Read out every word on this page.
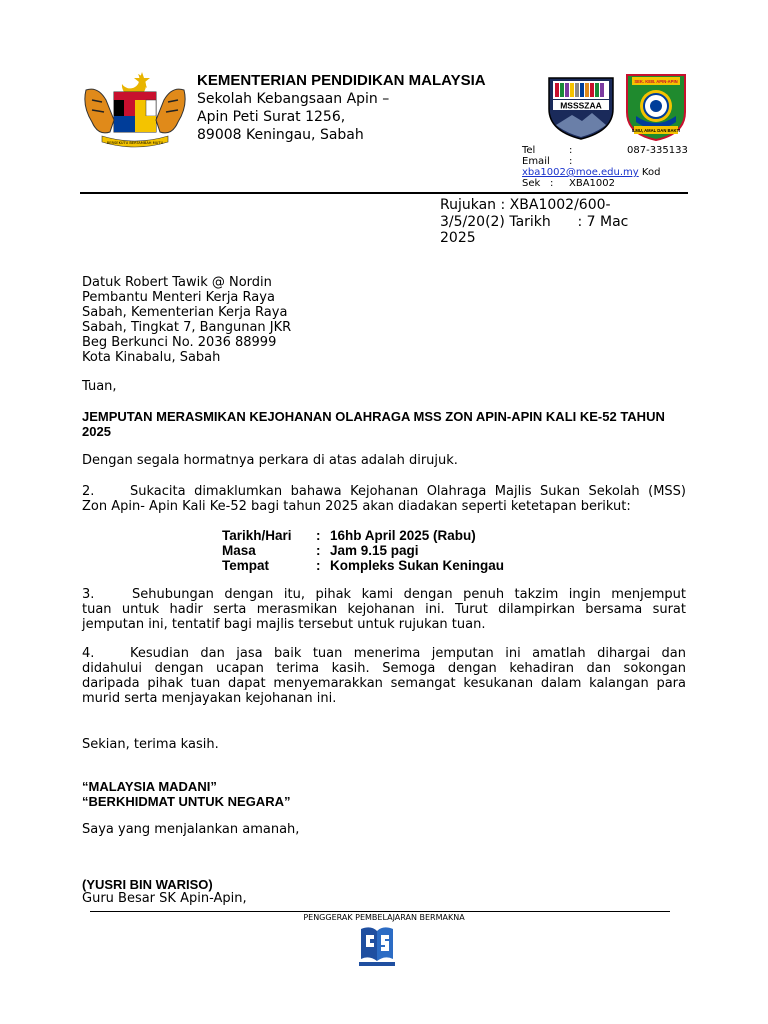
BERSEKUTU BERTAMBAH MUTU
KEMENTERIAN PENDIDIKAN MALAYSIA
Sekolah Kebangsaan Apin –
Apin Peti Surat 1256,
89008 Keningau, Sabah
MSSSZAA
SEK. KEB. APIN-APIN
ILMU, AMAL DAN BAKTI
Tel	:	087-335133
Email :
xba1002@moe.edu.my Kod
Sek : XBA1002
Rujukan : XBA1002/600-
3/5/20(2) Tarikh      : 7 Mac
2025
Datuk Robert Tawik @ Nordin
Pembantu Menteri Kerja Raya
Sabah, Kementerian Kerja Raya
Sabah, Tingkat 7, Bangunan JKR
Beg Berkunci No. 2036 88999
Kota Kinabalu, Sabah
Tuan,
JEMPUTAN MERASMIKAN KEJOHANAN OLAHRAGA MSS ZON APIN-APIN KALI KE-52 TAHUN
2025
Dengan segala hormatnya perkara di atas adalah dirujuk.
2.	Sukacita dimaklumkan bahawa Kejohanan Olahraga Majlis Sukan Sekolah (MSS)
Zon Apin- Apin Kali Ke-52 bagi tahun 2025 akan diadakan seperti ketetapan berikut:
Tarikh/Hari	: 16hb April 2025 (Rabu)
Masa	: Jam 9.15 pagi
Tempat	: Kompleks Sukan Keningau
3.	Sehubungan dengan itu, pihak kami dengan penuh takzim ingin menjemput
tuan untuk hadir serta merasmikan kejohanan ini. Turut dilampirkan bersama surat
jemputan ini, tentatif bagi majlis tersebut untuk rujukan tuan.
4.	Kesudian dan jasa baik tuan menerima jemputan ini amatlah dihargai dan
didahului dengan ucapan terima kasih. Semoga dengan kehadiran dan sokongan
daripada pihak tuan dapat menyemarakkan semangat kesukanan dalam kalangan para
murid serta menjayakan kejohanan ini.
Sekian, terima kasih.
“MALAYSIA MADANI”
“BERKHIDMAT UNTUK NEGARA”
Saya yang menjalankan amanah,
(YUSRI BIN WARISO)
Guru Besar SK Apin-Apin,
PENGGERAK PEMBELAJARAN BERMAKNA
